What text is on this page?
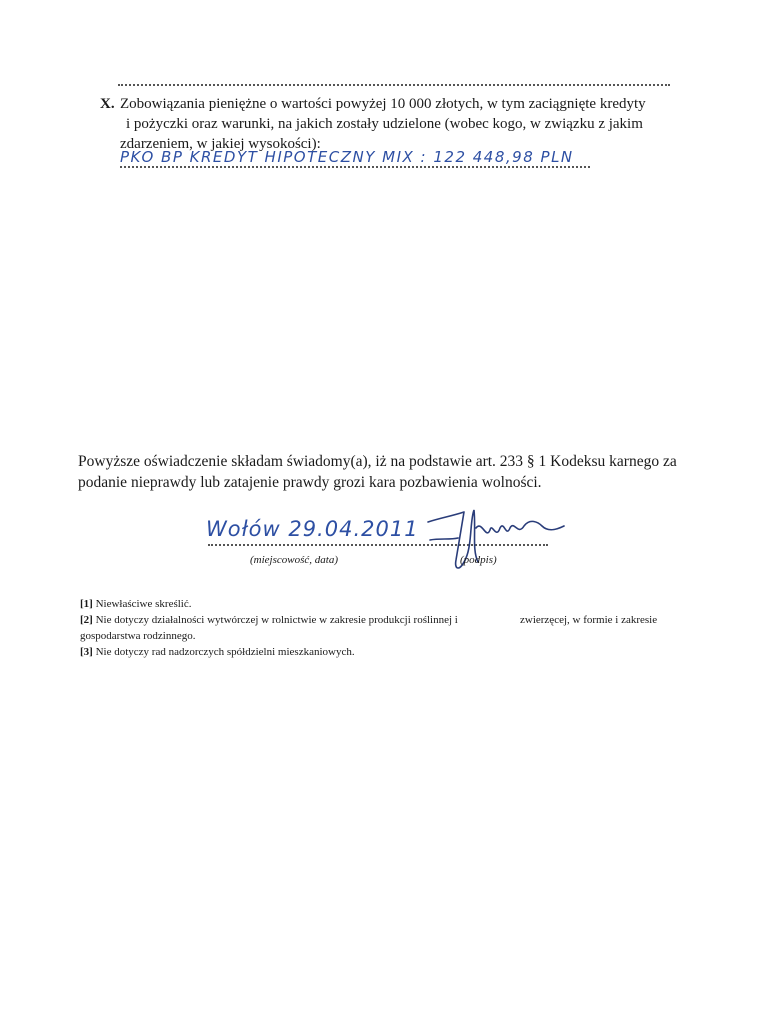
X. Zobowiązania pieniężne o wartości powyżej 10 000 złotych, w tym zaciągnięte kredyty
i pożyczki oraz warunki, na jakich zostały udzielone (wobec kogo, w związku z jakim
zdarzeniem, w jakiej wysokości):
PKO BP KREDYT HIPOTECZNY MIX : 122 448,98 PLN
Powyższe oświadczenie składam świadomy(a), iż na podstawie art. 233 § 1 Kodeksu karnego za
podanie nieprawdy lub zatajenie prawdy grozi kara pozbawienia wolności.
Wołów 29.04.2011
(miejscowość, data)	(podpis)
[1] Niewłaściwe skreślić.
[2] Nie dotyczy działalności wytwórczej w rolnictwie w zakresie produkcji roślinnej i	zwierzęcej, w formie i zakresie
gospodarstwa rodzinnego.
[3] Nie dotyczy rad nadzorczych spółdzielni mieszkaniowych.
